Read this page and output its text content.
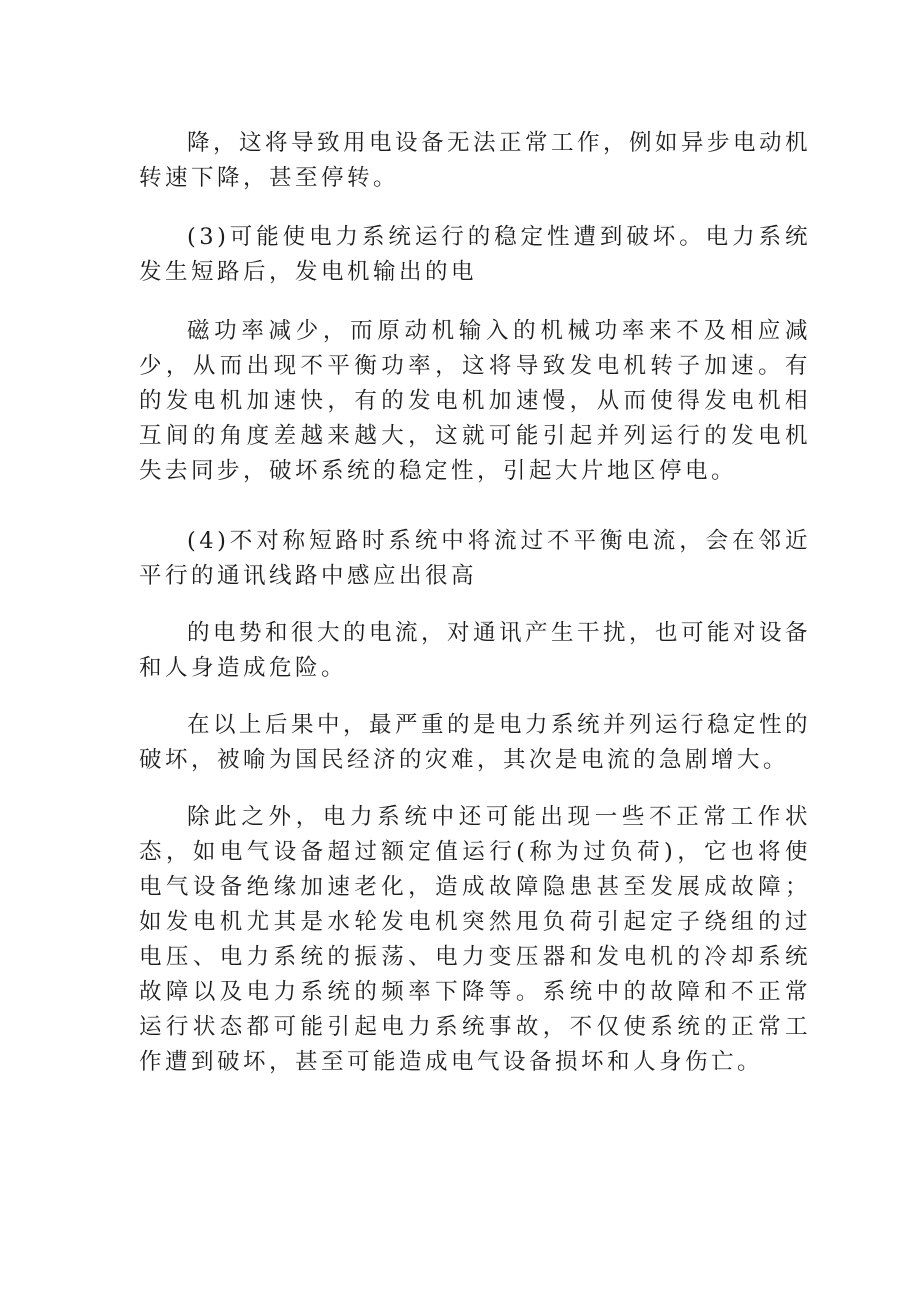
降，这将导致用电设备无法正常工作，例如异步电动机转速下降，甚至停转。

(3)可能使电力系统运行的稳定性遭到破坏。电力系统发生短路后，发电机输出的电

磁功率减少，而原动机输入的机械功率来不及相应减少，从而出现不平衡功率，这将导致发电机转子加速。有的发电机加速快，有的发电机加速慢，从而使得发电机相互间的角度差越来越大，这就可能引起并列运行的发电机失去同步，破坏系统的稳定性，引起大片地区停电。

(4)不对称短路时系统中将流过不平衡电流，会在邻近平行的通讯线路中感应出很高

的电势和很大的电流，对通讯产生干扰，也可能对设备和人身造成危险。

在以上后果中，最严重的是电力系统并列运行稳定性的破坏，被喻为国民经济的灾难，其次是电流的急剧增大。

除此之外，电力系统中还可能出现一些不正常工作状态，如电气设备超过额定值运行(称为过负荷)，它也将使电气设备绝缘加速老化，造成故障隐患甚至发展成故障；如发电机尤其是水轮发电机突然甩负荷引起定子绕组的过电压、电力系统的振荡、电力变压器和发电机的冷却系统故障以及电力系统的频率下降等。系统中的故障和不正常运行状态都可能引起电力系统事故，不仅使系统的正常工作遭到破坏，甚至可能造成电气设备损坏和人身伤亡。
